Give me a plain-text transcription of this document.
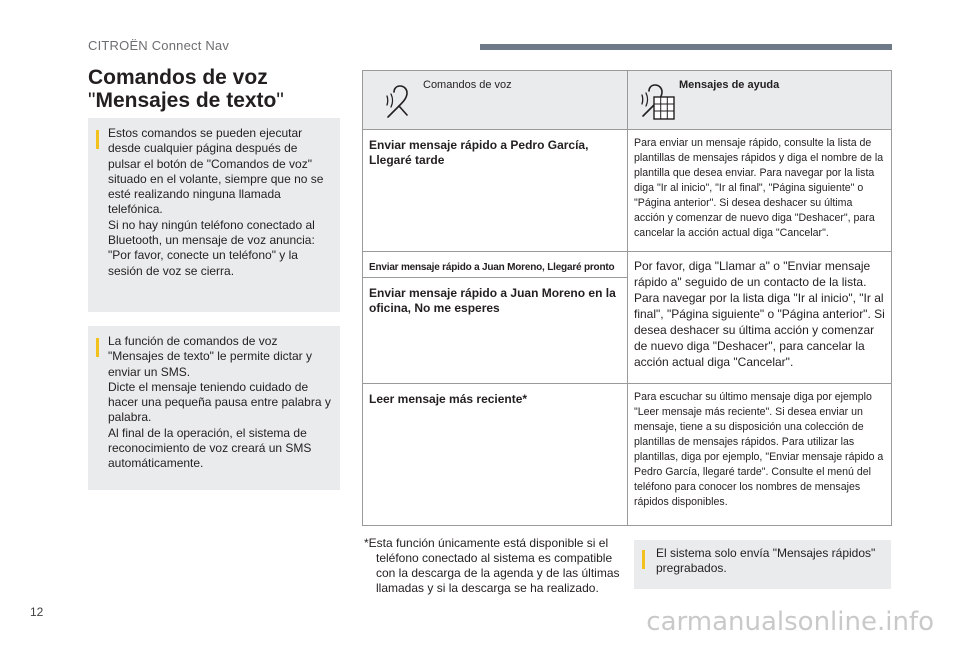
CITROËN Connect Nav
Comandos de voz
"Mensajes de texto"
Estos comandos se pueden ejecutar desde cualquier página después de pulsar el botón de "Comandos de voz" situado en el volante, siempre que no se esté realizando ninguna llamada telefónica.
Si no hay ningún teléfono conectado al Bluetooth, un mensaje de voz anuncia: "Por favor, conecte un teléfono" y la sesión de voz se cierra.
La función de comandos de voz "Mensajes de texto" le permite dictar y enviar un SMS.
Dicte el mensaje teniendo cuidado de hacer una pequeña pausa entre palabra y palabra.
Al final de la operación, el sistema de reconocimiento de voz creará un SMS automáticamente.
Comandos de voz	Mensajes de ayuda

Enviar mensaje rápido a Pedro García, Llegaré tarde	Para enviar un mensaje rápido, consulte la lista de plantillas de mensajes rápidos y diga el nombre de la plantilla que desea enviar. Para navegar por la lista diga "Ir al inicio", "Ir al final", "Página siguiente" o "Página anterior". Si desea deshacer su última acción y comenzar de nuevo diga "Deshacer", para cancelar la acción actual diga "Cancelar".
Enviar mensaje rápido a Juan Moreno, Llegaré pronto	Por favor, diga "Llamar a" o "Enviar mensaje rápido a" seguido de un contacto de la lista. Para navegar por la lista diga "Ir al inicio", "Ir al final", "Página siguiente" o "Página anterior". Si desea deshacer su última acción y comenzar de nuevo diga "Deshacer", para cancelar la acción actual diga "Cancelar".
Enviar mensaje rápido a Juan Moreno en la oficina, No me esperes	
Leer mensaje más reciente*	Para escuchar su último mensaje diga por ejemplo "Leer mensaje más reciente". Si desea enviar un mensaje, tiene a su disposición una colección de plantillas de mensajes rápidos. Para utilizar las plantillas, diga por ejemplo, "Enviar mensaje rápido a Pedro García, llegaré tarde". Consulte el menú del teléfono para conocer los nombres de mensajes rápidos disponibles.
*Esta función únicamente está disponible si el teléfono conectado al sistema es compatible con la descarga de la agenda y de las últimas llamadas y si la descarga se ha realizado.
El sistema solo envía "Mensajes rápidos" pregrabados.
12	carmanualsonline.info
